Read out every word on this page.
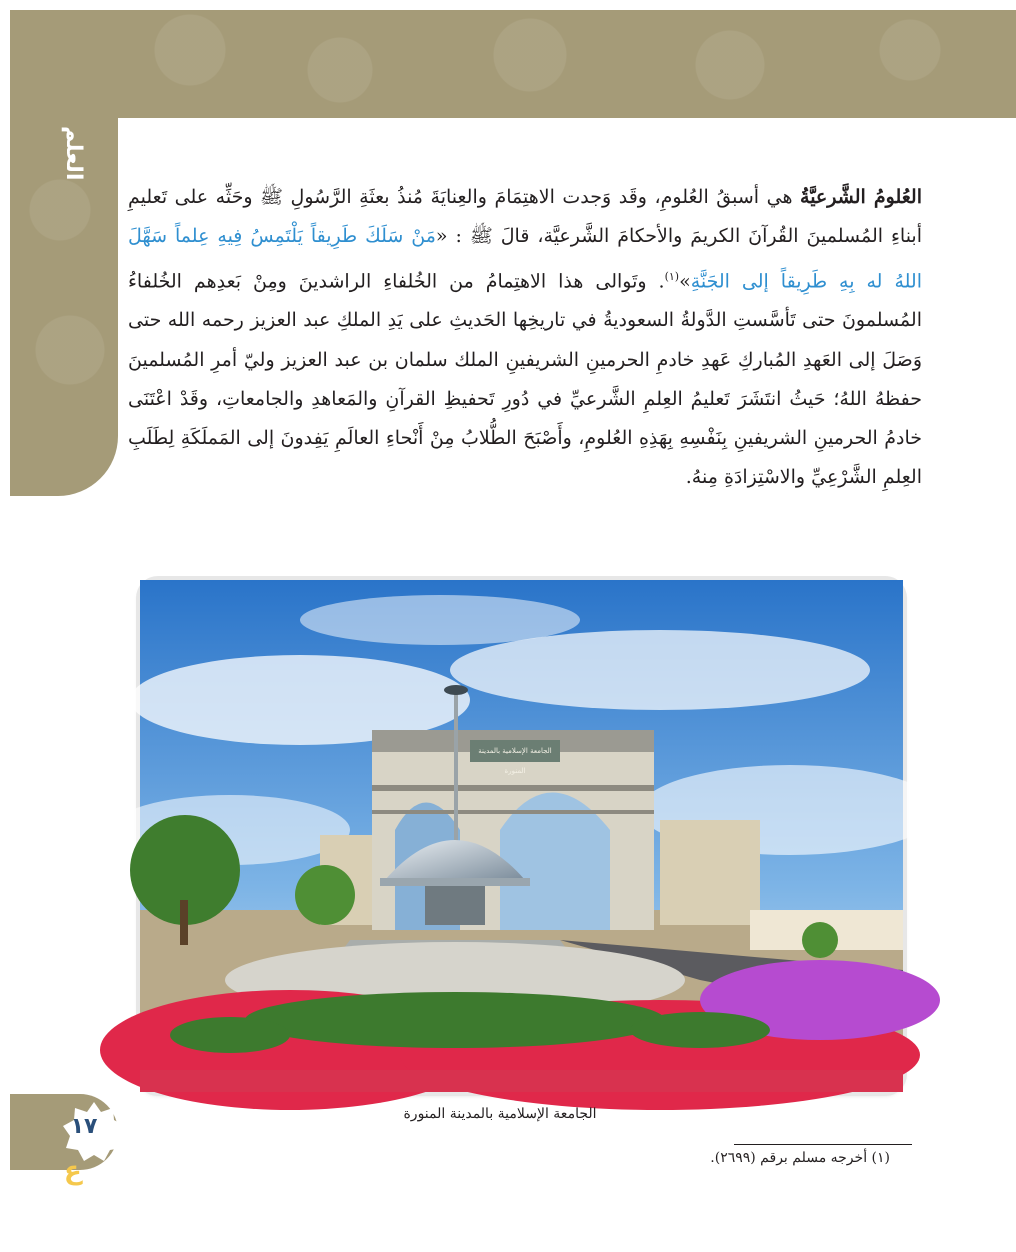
العلم
العُلومُ الشَّرعيَّةُ هي أسبقُ العُلومِ، وقَد وَجدت الاهتِمَامَ والعِنايَةَ مُنذُ بعثَةِ الرَّسُولِ ﷺ وحَثِّه على تَعليمِ أبناءِ المُسلمينَ القُرآنَ الكريمَ والأحكامَ الشَّرعيَّة، قالَ ﷺ : «مَنْ سَلَكَ طَرِيقاً يَلْتَمِسُ فِيهِ عِلماً سَهَّلَ اللهُ له بِهِ طَرِيقاً إلى الجَنَّةِ»$^{(١)}$. وتَوالى هذا الاهتِمامُ من الخُلفاءِ الراشدينَ ومِنْ بَعدِهم الخُلفاءُ المُسلمونَ حتى تَأسَّستِ الدَّولةُ السعوديةُ في تاريخِها الحَديثِ على يَدِ الملكِ عبد العزيز رحمه الله حتى وَصَلَ إلى العَهدِ المُباركِ عَهدِ خادمِ الحرمينِ الشريفينِ الملك سلمان بن عبد العزيز وليّ أمرِ المُسلمينَ حفظهُ اللهُ؛ حَيثُ انتَشَرَ تَعليمُ العِلمِ الشَّرعيِّ في دُورِ تَحفيظِ القرآنِ والمَعاهدِ والجامعاتِ، وقَدْ اعْتَنَى خادمُ الحرمينِ الشريفينِ بِنَفْسِهِ بِهَذِهِ العُلومِ، وأَصْبَحَ الطُّلابُ مِنْ أَنْحاءِ العالَمِ يَفِدونَ إلى المَملَكَةِ لِطَلَبِ العِلمِ الشَّرْعِيِّ والاسْتِزادَةِ مِنهُ.
الجامعة الإسلامية بالمدينة المنورة
الجامعة الإسلامية بالمدينة المنورة
١٧
ع	(١) أخرجه مسلم برقم (٢٦٩٩).
